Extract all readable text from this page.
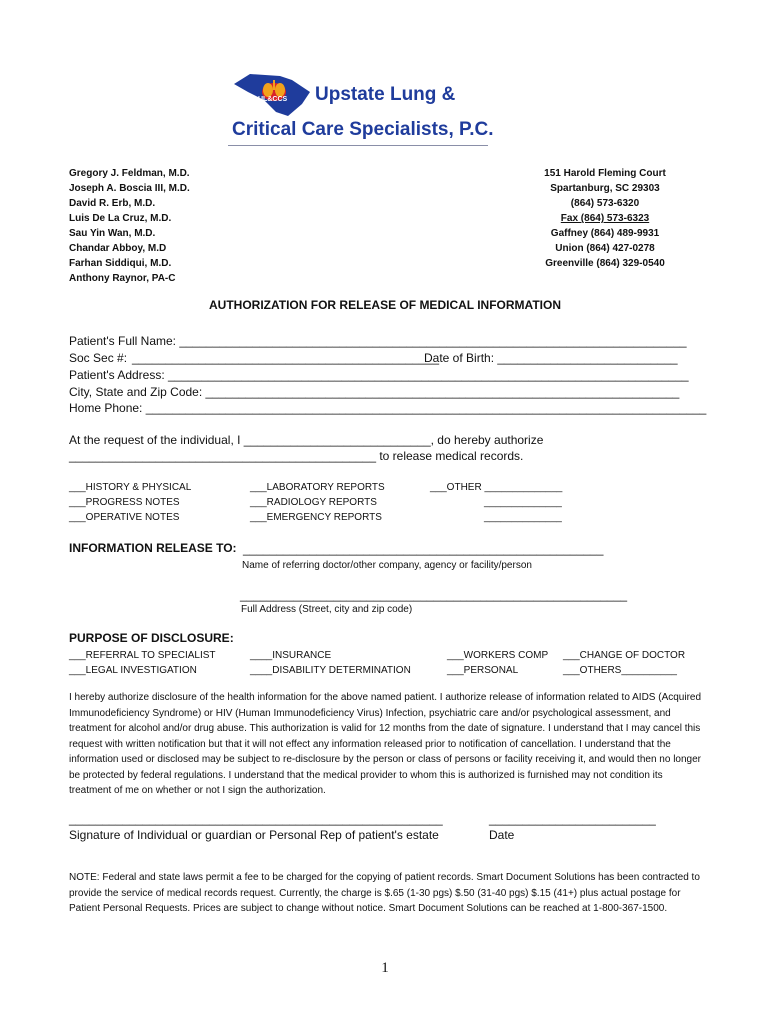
UL&CCS Upstate Lung &
Critical Care Specialists, P.C.
Gregory J. Feldman, M.D.
Joseph A. Boscia III, M.D.
David R. Erb, M.D.
Luis De La Cruz, M.D.
Sau Yin Wan, M.D.
Chandar Abboy, M.D
Farhan Siddiqui, M.D.
Anthony Raynor, PA-C
151 Harold Fleming Court
Spartanburg, SC 29303
(864) 573-6320
Fax (864) 573-6323
Gaffney (864) 489-9931
Union (864) 427-0278
Greenville (864) 329-0540
AUTHORIZATION FOR RELEASE OF MEDICAL INFORMATION
Patient's Full Name: ____________________________________________________________________________
Soc Sec #: ______________________________________________
Date of Birth: ___________________________
Patient's Address: ______________________________________________________________________________
City, State and Zip Code: _______________________________________________________________________
Home Phone: ____________________________________________________________________________________
At the request of the individual, I ____________________________, do hereby authorize
______________________________________________ to release medical records.
___HISTORY & PHYSICAL
___PROGRESS NOTES
___OPERATIVE NOTES
___LABORATORY REPORTS
___RADIOLOGY REPORTS
___EMERGENCY REPORTS
___OTHER ______________
______________
______________
INFORMATION RELEASE TO: ______________________________________________________
Name of referring doctor/other company, agency or facility/person
__________________________________________________________
Full Address (Street, city and zip code)
PURPOSE OF DISCLOSURE:
___REFERRAL TO SPECIALIST
___LEGAL INVESTIGATION
____INSURANCE
____DISABILITY DETERMINATION
___WORKERS COMP
___PERSONAL
___CHANGE OF DOCTOR
___OTHERS__________
I hereby authorize disclosure of the health information for the above named patient. I authorize release of information related to AIDS (Acquired Immunodeficiency Syndrome) or HIV (Human Immunodeficiency Virus) Infection, psychiatric care and/or psychological assessment, and treatment for alcohol and/or drug abuse. This authorization is valid for 12 months from the date of signature. I understand that I may cancel this request with written notification but that it will not effect any information released prior to notification of cancellation. I understand that the information used or disclosed may be subject to re-disclosure by the person or class of persons or facility receiving it, and would then no longer be protected by federal regulations. I understand that the medical provider to whom this is authorized is furnished may not condition its treatment of me on whether or not I sign the authorization.
________________________________________________________
Signature of Individual or guardian or Personal Rep of patient's estate
_________________________
Date
NOTE: Federal and state laws permit a fee to be charged for the copying of patient records. Smart Document Solutions has been contracted to provide the service of medical records request. Currently, the charge is $.65 (1-30 pgs) $.50 (31-40 pgs) $.15 (41+) plus actual postage for Patient Personal Requests. Prices are subject to change without notice. Smart Document Solutions can be reached at 1-800-367-1500.
1
